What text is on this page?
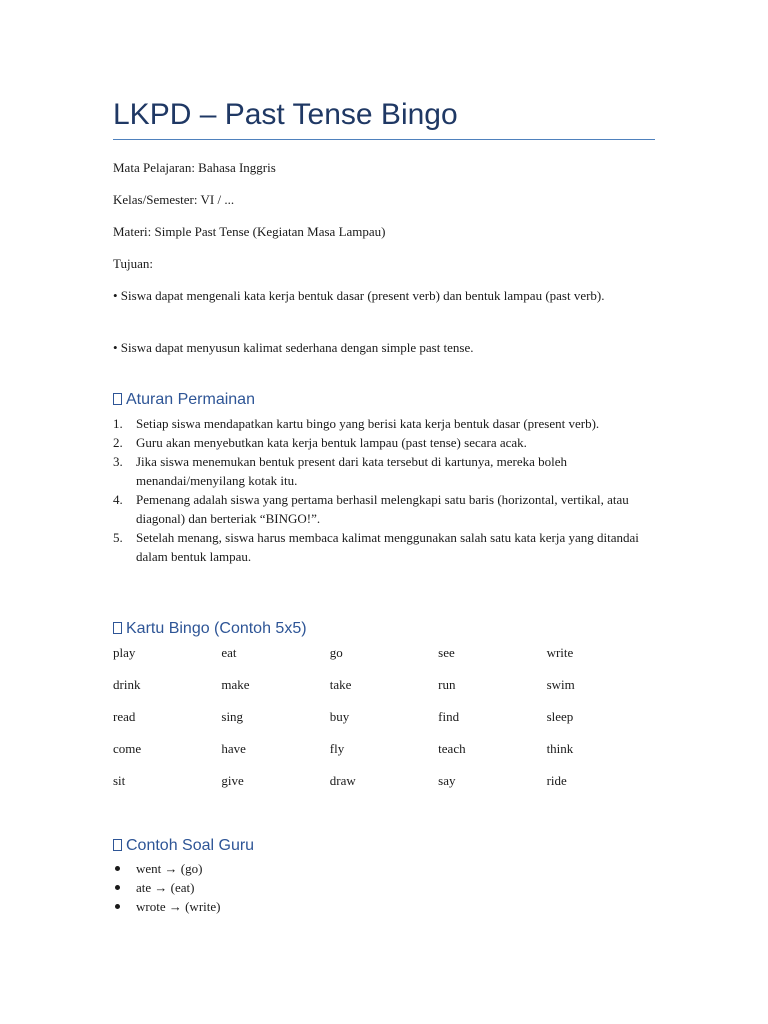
LKPD – Past Tense Bingo

Mata Pelajaran: Bahasa Inggris

Kelas/Semester: VI / ...

Materi: Simple Past Tense (Kegiatan Masa Lampau)

Tujuan:

• Siswa dapat mengenali kata kerja bentuk dasar (present verb) dan bentuk lampau (past verb).

• Siswa dapat menyusun kalimat sederhana dengan simple past tense.

Aturan Permainan
1. Setiap siswa mendapatkan kartu bingo yang berisi kata kerja bentuk dasar (present verb).
2. Guru akan menyebutkan kata kerja bentuk lampau (past tense) secara acak.
3. Jika siswa menemukan bentuk present dari kata tersebut di kartunya, mereka boleh menandai/menyilang kotak itu.
4. Pemenang adalah siswa yang pertama berhasil melengkapi satu baris (horizontal, vertikal, atau diagonal) dan berteriak “BINGO!”.
5. Setelah menang, siswa harus membaca kalimat menggunakan salah satu kata kerja yang ditandai dalam bentuk lampau.
Kartu Bingo (Contoh 5x5)
play	eat	go	see	write
drink	make	take	run	swim
read	sing	buy	find	sleep
come	have	fly	teach	think
sit	give	draw	say	ride
Contoh Soal Guru
went → (go)
ate → (eat)
wrote → (write)
